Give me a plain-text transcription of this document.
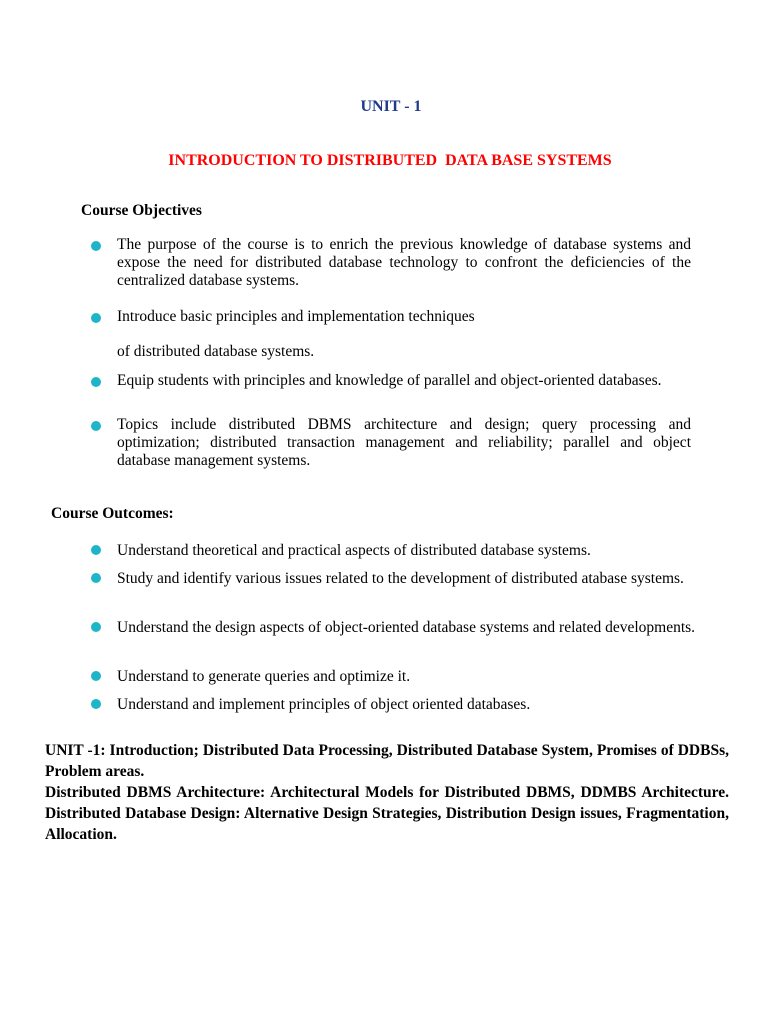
UNIT - 1
INTRODUCTION TO DISTRIBUTED  DATA BASE SYSTEMS
Course Objectives
The purpose of the course is to enrich the previous knowledge of database systems and expose the need for distributed database technology to confront the deficiencies of the centralized database systems.
Introduce basic principles and implementation techniques
of distributed database systems.
Equip students with principles and knowledge of parallel and object-oriented databases.
Topics include distributed DBMS architecture and design; query processing and optimization; distributed transaction management and reliability; parallel and object database management systems.
Course Outcomes:
Understand theoretical and practical aspects of distributed database systems.
Study and identify various issues related to the development of distributed atabase systems.
Understand the design aspects of object-oriented database systems and related developments.
Understand to generate queries and optimize it.
Understand and implement principles of object oriented databases.

UNIT -1: Introduction; Distributed Data Processing, Distributed Database System, Promises of DDBSs, Problem areas.

Distributed DBMS Architecture: Architectural Models for Distributed DBMS, DDMBS Architecture. Distributed Database Design: Alternative Design Strategies, Distribution Design issues, Fragmentation, Allocation.
